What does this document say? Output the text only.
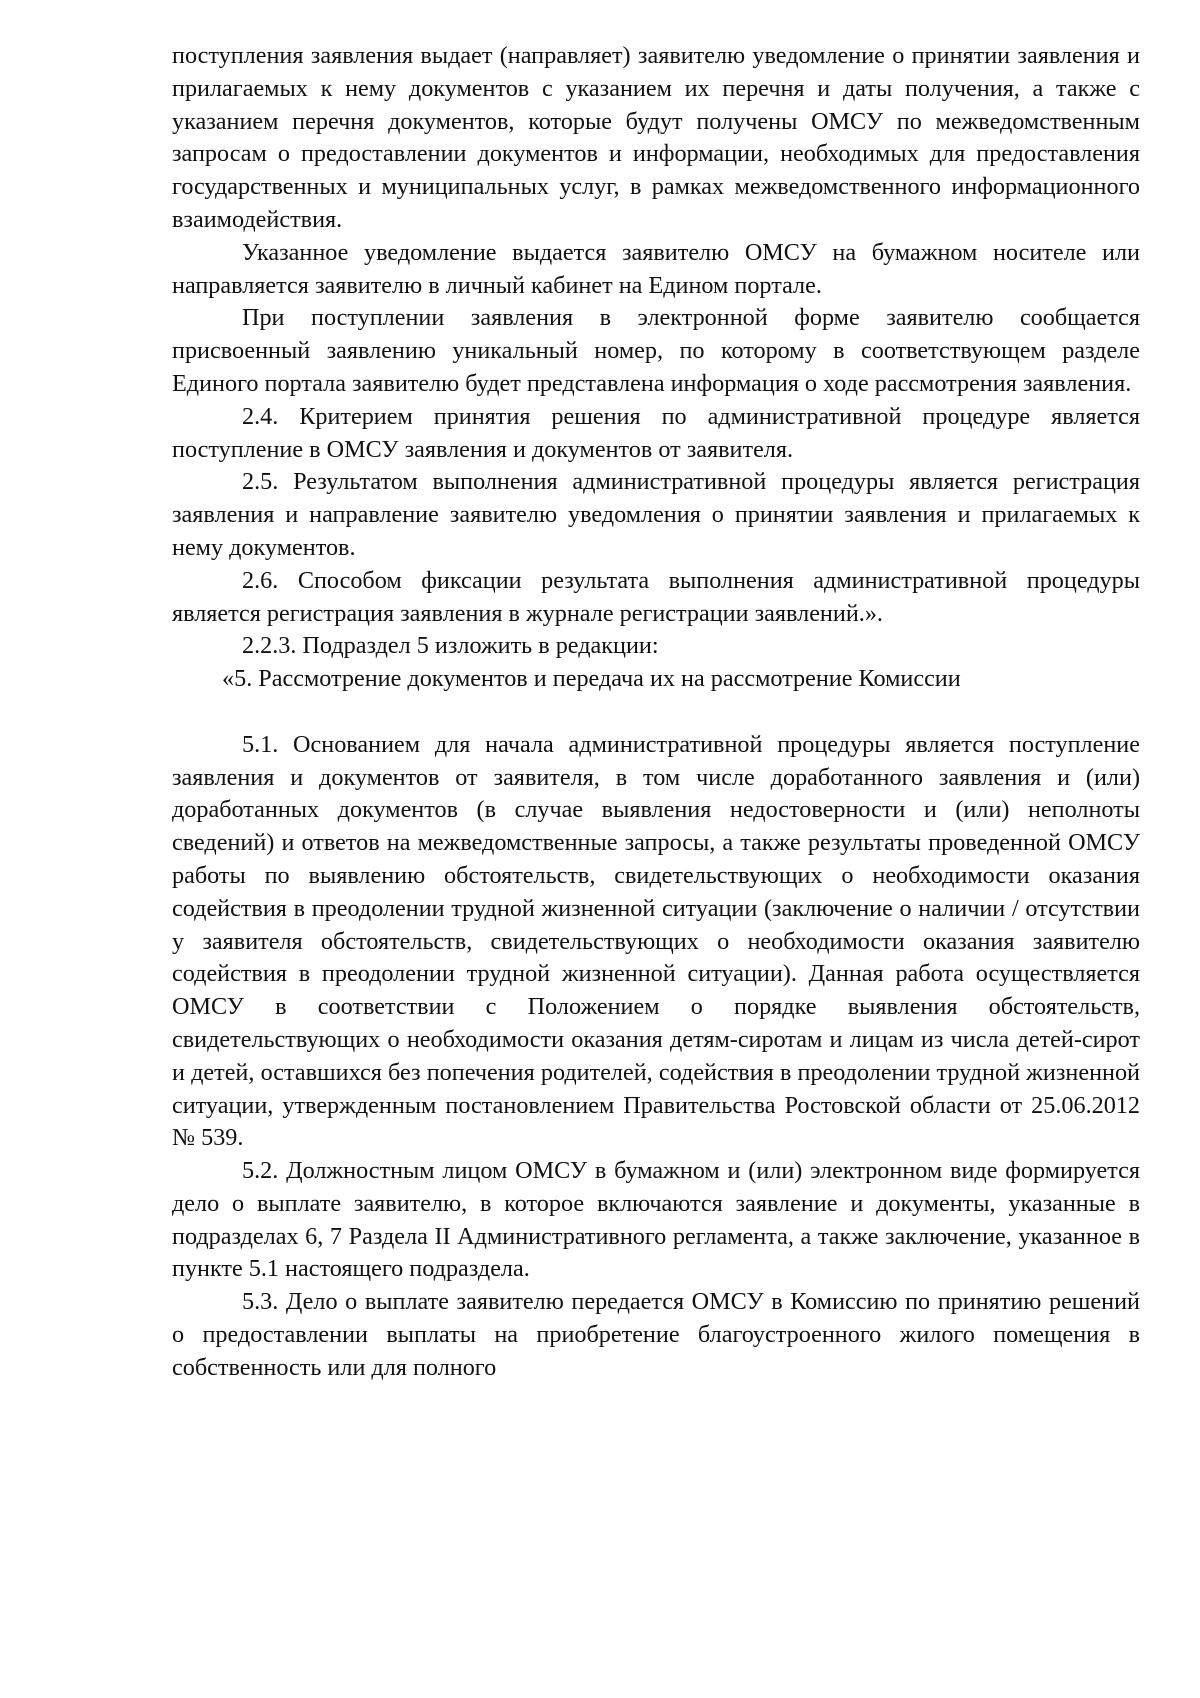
поступления заявления выдает (направляет) заявителю уведомление о принятии заявления и прилагаемых к нему документов с указанием их перечня и даты получения, а также с указанием перечня документов, которые будут получены ОМСУ по межведомственным запросам о предоставлении документов и информации, необходимых для предоставления государственных и муниципальных услуг, в рамках межведомственного информационного взаимодействия.

Указанное уведомление выдается заявителю ОМСУ на бумажном носителе или направляется заявителю в личный кабинет на Едином портале.

При поступлении заявления в электронной форме заявителю сообщается присвоенный заявлению уникальный номер, по которому в соответствующем разделе Единого портала заявителю будет представлена информация о ходе рассмотрения заявления.

2.4. Критерием принятия решения по административной процедуре является поступление в ОМСУ заявления и документов от заявителя.

2.5. Результатом выполнения административной процедуры является регистрация заявления и направление заявителю уведомления о принятии заявления и прилагаемых к нему документов.

2.6. Способом фиксации результата выполнения административной процедуры является регистрация заявления в журнале регистрации заявлений.».

2.2.3. Подраздел 5 изложить в редакции:

«5. Рассмотрение документов и передача их на рассмотрение Комиссии

5.1. Основанием для начала административной процедуры является поступление заявления и документов от заявителя, в том числе доработанного заявления и (или) доработанных документов (в случае выявления недостоверности и (или) неполноты сведений) и ответов на межведомственные запросы, а также результаты проведенной ОМСУ работы по выявлению обстоятельств, свидетельствующих о необходимости оказания содействия в преодолении трудной жизненной ситуации (заключение о наличии / отсутствии у заявителя обстоятельств, свидетельствующих о необходимости оказания заявителю содействия в преодолении трудной жизненной ситуации). Данная работа осуществляется ОМСУ в соответствии с Положением о порядке выявления обстоятельств, свидетельствующих о необходимости оказания детям-сиротам и лицам из числа детей-сирот и детей, оставшихся без попечения родителей, содействия в преодолении трудной жизненной ситуации, утвержденным постановлением Правительства Ростовской области от 25.06.2012 № 539.

5.2. Должностным лицом ОМСУ в бумажном и (или) электронном виде формируется дело о выплате заявителю, в которое включаются заявление и документы, указанные в подразделах 6, 7 Раздела II Административного регламента, а также заключение, указанное в пункте 5.1 настоящего подраздела.

5.3. Дело о выплате заявителю передается ОМСУ в Комиссию по принятию решений о предоставлении выплаты на приобретение благоустроенного жилого помещения в собственность или для полного
